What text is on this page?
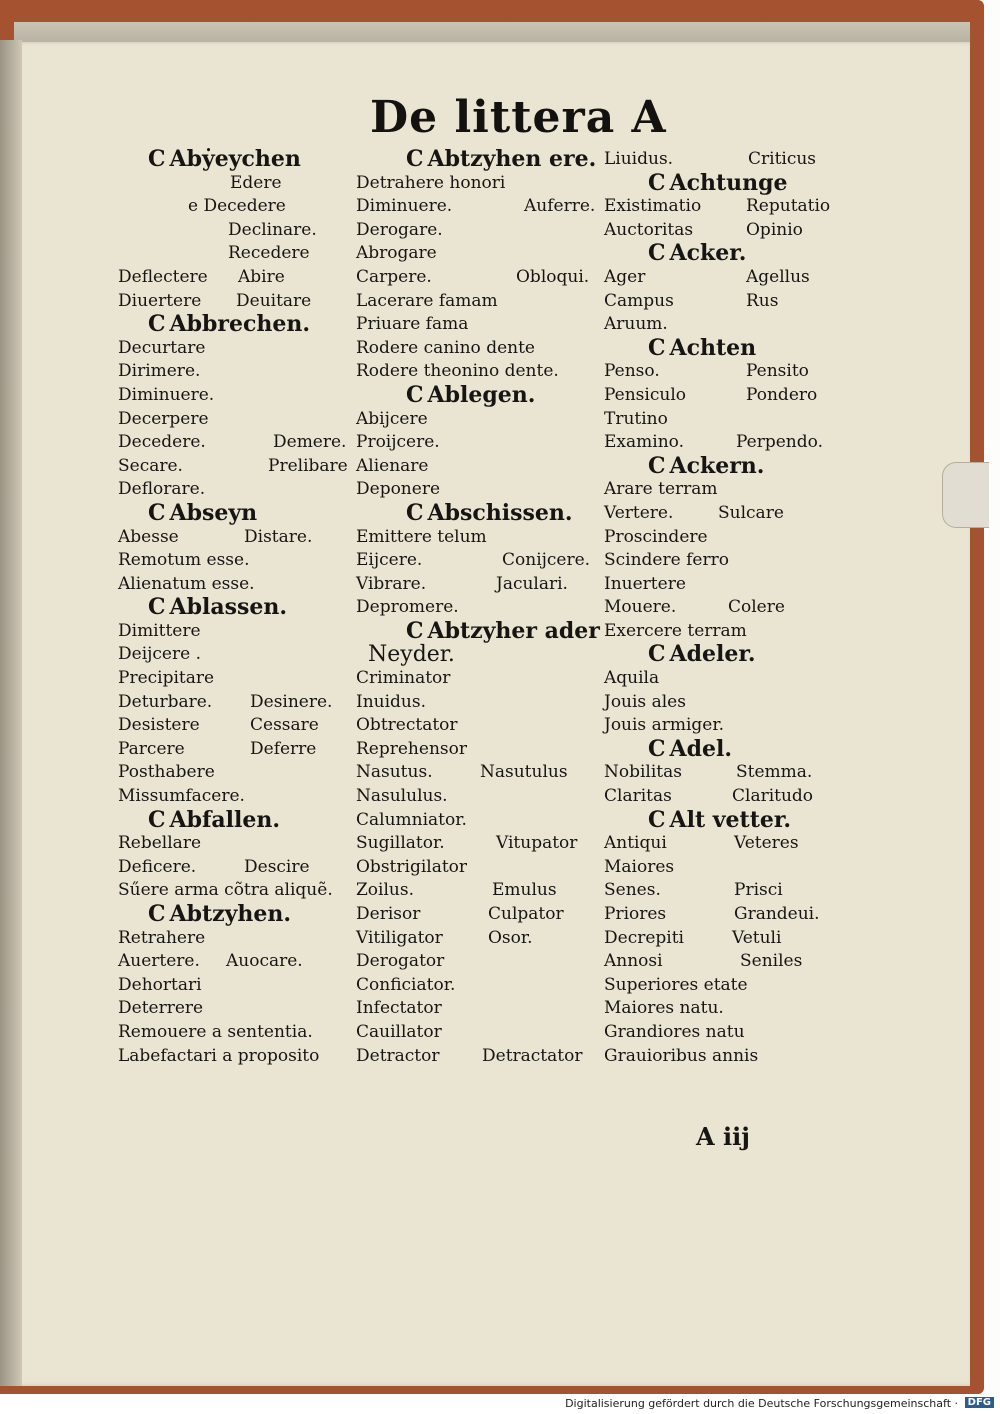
De littera A
C Abẏeychen
Edere
e Decedere
Declinare.
Recedere
Deflectere Abire
Diuertere Deuitare
C Abbrechen.
Decurtare
Dirimere.
Diminuere.
Decerpere
Decedere.	Demere.
Secare.	Prelibare
Deflorare.
C Abseyn
Abesse	Distare.
Remotum esse.
Alienatum esse.
C Ablassen.
Dimittere
Deijcere .
Precipitare
Deturbare. Desinere.
Desistere	Cessare
Parcere	Deferre
Posthabere
Missumfacere.
C Abfallen.
Rebellare
Deficere.	Descire
Sűere arma cõtra aliquẽ.
C Abtzyhen.
Retrahere
Auertere. Auocare.
Dehortari
Deterrere
Remouere a sententia.
Labefactari a proposito
C Abtzyhen ere.
Detrahere honori
Diminuere.	Auferre.
Derogare.
Abrogare
Carpere.	Obloqui.
Lacerare famam
Priuare fama
Rodere canino dente
Rodere theonino dente.
C Ablegen.
Abijcere
Proijcere.
Alienare
Deponere
C Abschissen.
Emittere telum
Eijcere.	Conijcere.
Vibrare.	Jaculari.
Depromere.
C Abtzyher ader
Neyder.
Criminator
Inuidus.
Obtrectator
Reprehensor
Nasutus.	Nasutulus
Nasululus.
Calumniator.
Sugillator.	Vitupator
Obstrigilator
Zoilus.	Emulus
Derisor	Culpator
Vitiligator	Osor.
Derogator
Conficiator.
Infectator
Cauillator
Detractor	Detractator
Liuidus.	Criticus
C Achtunge
Existimatio	Reputatio
Auctoritas	Opinio
C Acker.
Ager	Agellus
Campus	Rus
Aruum.
C Achten
Penso.	Pensito
Pensiculo	Pondero
Trutino
Examino.	Perpendo.
C Ackern.
Arare terram
Vertere.	Sulcare
Proscindere
Scindere ferro
Inuertere
Mouere.	Colere
Exercere terram
C Adeler.
Aquila
Jouis ales
Jouis armiger.
C Adel.
Nobilitas	Stemma.
Claritas	Claritudo
C Alt vetter.
Antiqui	Veteres
Maiores
Senes.	Prisci
Priores	Grandeui.
Decrepiti	Vetuli
Annosi	Seniles
Superiores etate
Maiores natu.
Grandiores natu
Grauioribus annis
A iij
Digitalisierung gefördert durch die Deutsche Forschungsgemeinschaft · DFG
